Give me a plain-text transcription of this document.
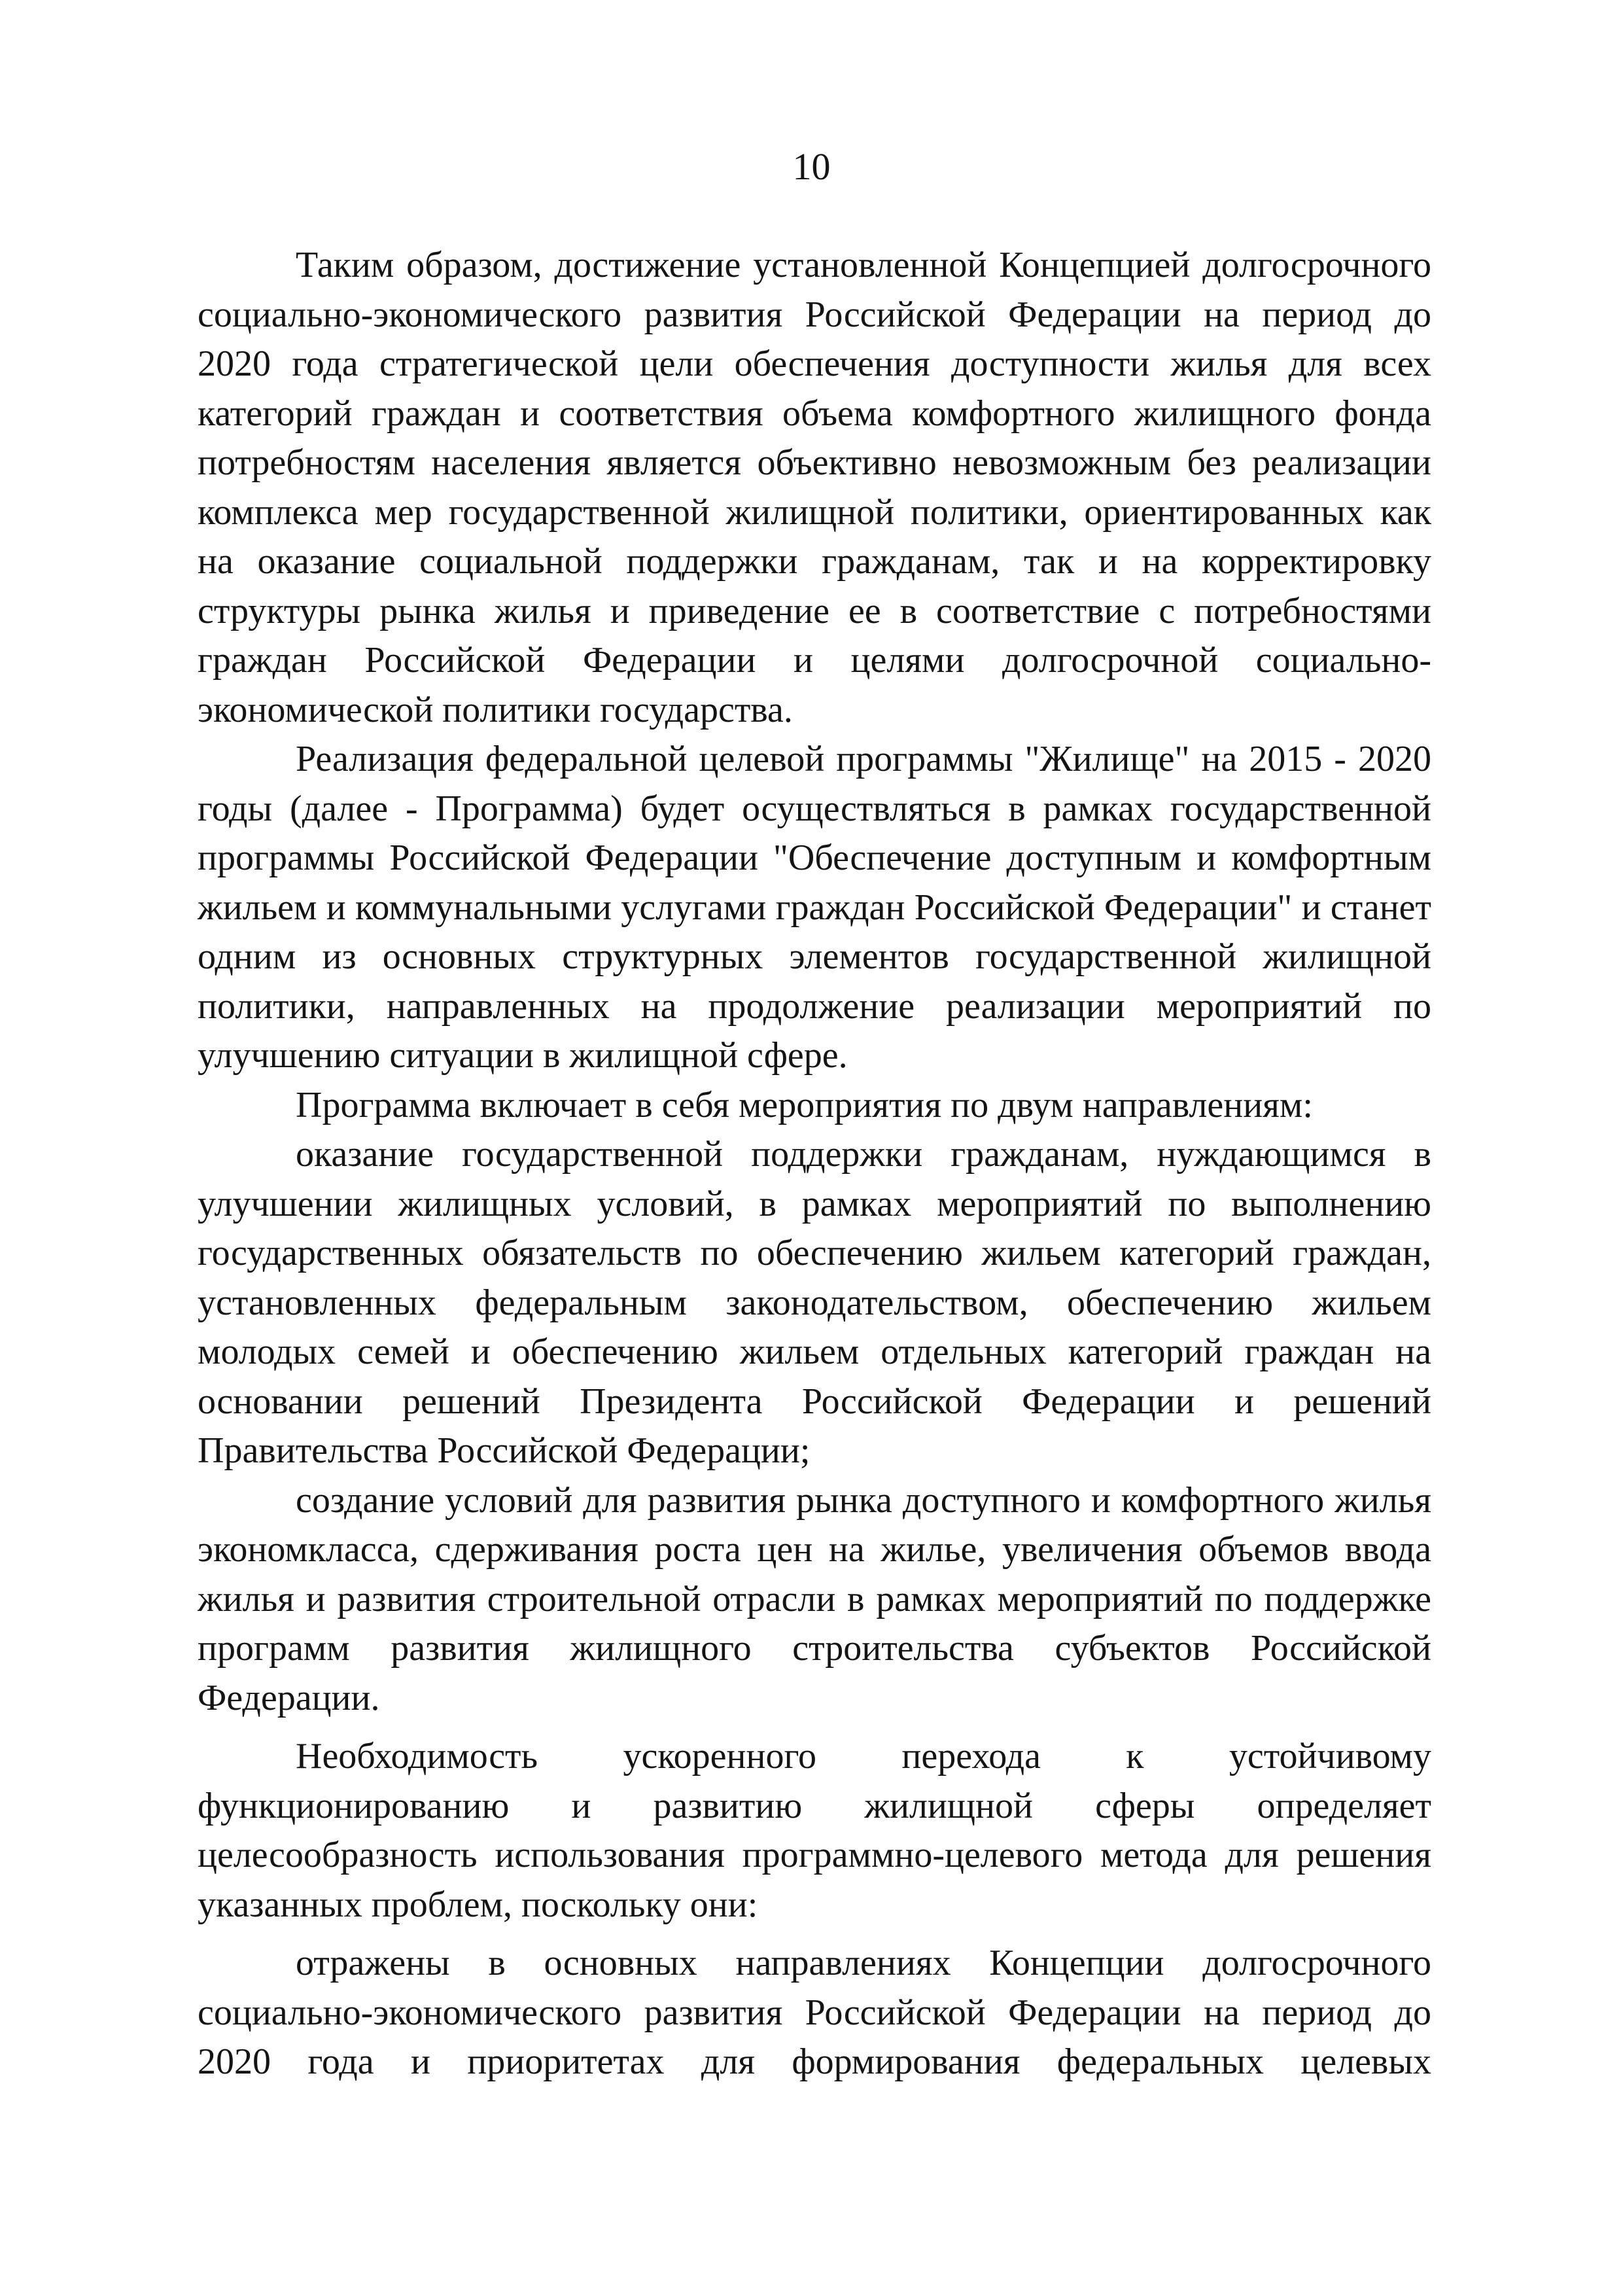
10

Таким образом, достижение установленной Концепцией долгосрочного социально-экономического развития Российской Федерации на период до 2020 года стратегической цели обеспечения доступности жилья для всех категорий граждан и соответствия объема комфортного жилищного фонда потребностям населения является объективно невозможным без реализации комплекса мер государственной жилищной политики, ориентированных как на оказание социальной поддержки гражданам, так и на корректировку структуры рынка жилья и приведение ее в соответствие с потребностями граждан Российской Федерации и целями долгосрочной социально-экономической политики государства.

Реализация федеральной целевой программы "Жилище" на 2015 - 2020 годы (далее - Программа) будет осуществляться в рамках государственной программы Российской Федерации "Обеспечение доступным и комфортным жильем и коммунальными услугами граждан Российской Федерации" и станет одним из основных структурных элементов государственной жилищной политики, направленных на продолжение реализации мероприятий по улучшению ситуации в жилищной сфере.

Программа включает в себя мероприятия по двум направлениям:

оказание государственной поддержки гражданам, нуждающимся в улучшении жилищных условий, в рамках мероприятий по выполнению государственных обязательств по обеспечению жильем категорий граждан, установленных федеральным законодательством, обеспечению жильем молодых семей и обеспечению жильем отдельных категорий граждан на основании решений Президента Российской Федерации и решений Правительства Российской Федерации;

создание условий для развития рынка доступного и комфортного жилья экономкласса, сдерживания роста цен на жилье, увеличения объемов ввода жилья и развития строительной отрасли в рамках мероприятий по поддержке программ развития жилищного строительства субъектов Российской Федерации.

Необходимость ускоренного перехода к устойчивому функционированию и развитию жилищной сферы определяет целесообразность использования программно-целевого метода для решения указанных проблем, поскольку они:

отражены в основных направлениях Концепции долгосрочного социально-экономического развития Российской Федерации на период до 2020 года и приоритетах для формирования федеральных целевых
